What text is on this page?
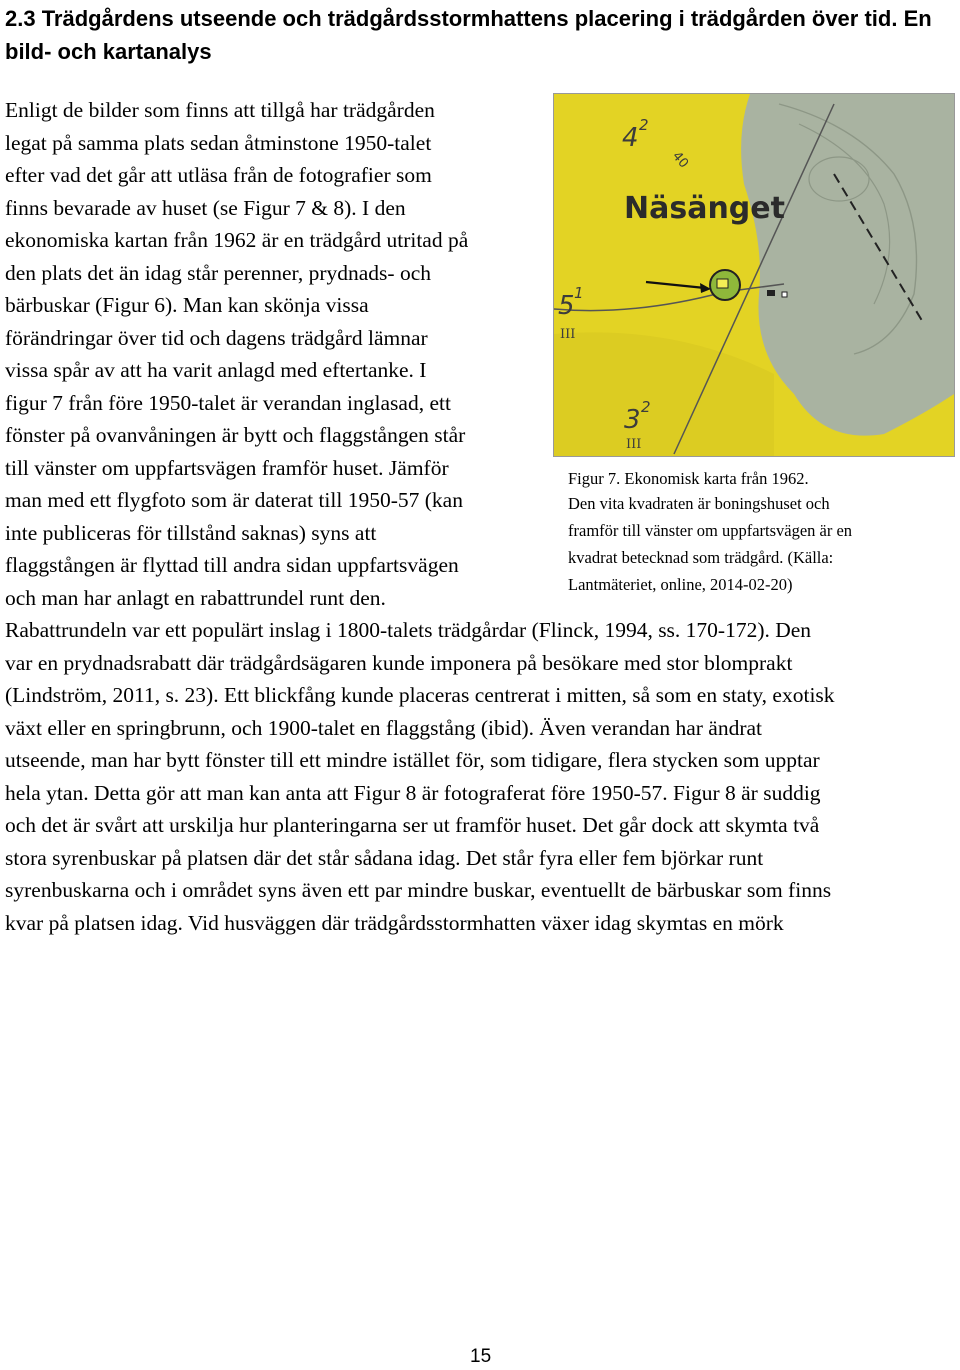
2.3 Trädgårdens utseende och trädgårdsstormhattens placering i trädgården över tid. En
bild- och kartanalys

Enligt de bilder som finns att tillgå har trädgården

legat på samma plats sedan åtminstone 1950-talet

efter vad det går att utläsa från de fotografier som

finns bevarade av huset (se Figur 7 & 8). I den

ekonomiska kartan från 1962 är en trädgård utritad på

den plats det än idag står perenner, prydnads- och

bärbuskar (Figur 6). Man kan skönja vissa

förändringar över tid och dagens trädgård lämnar

vissa spår av att ha varit anlagd med eftertanke. I

figur 7 från före 1950-talet är verandan inglasad, ett

fönster på ovanvåningen är bytt och flaggstången står

till vänster om uppfartsvägen framför huset. Jämför

man med ett flygfoto som är daterat till 1950-57 (kan

inte publiceras för tillstånd saknas) syns att

flaggstången är flyttad till andra sidan uppfartsvägen

och man har anlagt en rabattrundel runt den.

Rabattrundeln var ett populärt inslag i 1800-talets trädgårdar (Flinck, 1994, ss. 170-172). Den

var en prydnadsrabatt där trädgårdsägaren kunde imponera på besökare med stor blomprakt

(Lindström, 2011, s. 23). Ett blickfång kunde placeras centrerat i mitten, så som en staty, exotisk

växt eller en springbrunn, och 1900-talet en flaggstång (ibid). Även verandan har ändrat

utseende, man har bytt fönster till ett mindre istället för, som tidigare, flera stycken som upptar

hela ytan. Detta gör att man kan anta att Figur 8 är fotograferat före 1950-57. Figur 8 är suddig

och det är svårt att urskilja hur planteringarna ser ut framför huset. Det går dock att skymta två

stora syrenbuskar på platsen där det står sådana idag. Det står fyra eller fem björkar runt

syrenbuskarna och i området syns även ett par mindre buskar, eventuellt de bärbuskar som finns

kvar på platsen idag. Vid husväggen där trädgårdsstormhatten växer idag skymtas en mörk

4 2
40
Näsänget
5 1
III
3 2
III

Figur 7. Ekonomisk karta från 1962.

Den vita kvadraten är boningshuset och

framför till vänster om uppfartsvägen är en

kvadrat betecknad som trädgård. (Källa:

Lantmäteriet, online, 2014-02-20)

15
